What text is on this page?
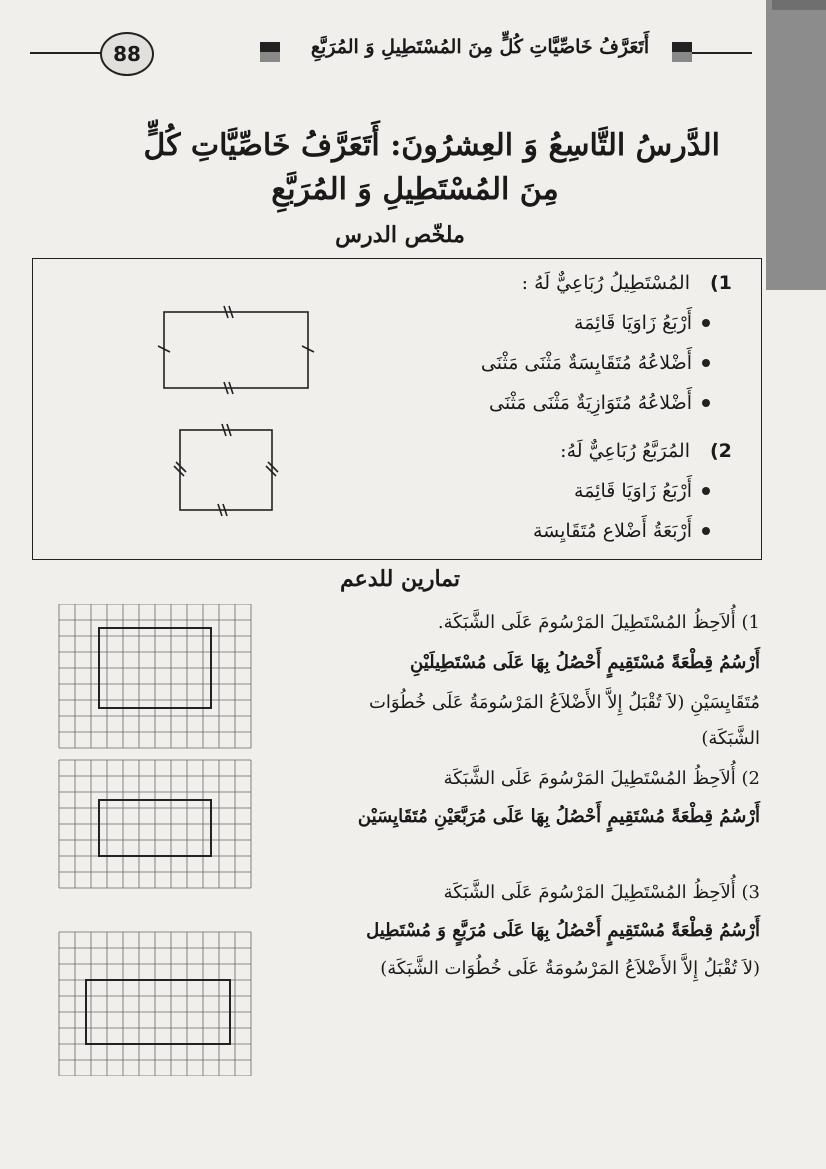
88	أَتَعَرَّفُ خَاصِّيَّاتِ كُلٍّ مِنَ المُسْتَطِيلِ وَ المُرَبَّعِ
الدَّرسُ التَّاسِعُ وَ العِشرُونَ: أَتَعَرَّفُ خَاصِّيَّاتِ كُلٍّ
مِنَ المُسْتَطِيلِ وَ المُرَبَّعِ
ملخّص الدرس
(1
المُسْتَطِيلُ رُبَاعِيٌّ لَهُ :
أَرْبَعُ زَاوَيَا قَائِمَة
أَضْلاعُهُ مُتَقَايِسَةٌ مَثْنَى مَثْنَى
أَضْلاعُهُ مُتَوَازِيَةٌ مَثْنَى مَثْنَى
(2
المُرَبَّعُ رُبَاعِيٌّ لَهُ:
أَرْبَعُ زَاوَيَا قَائِمَة
أَرْبَعَةُ أَضْلاع مُتَقَايِسَة
تمارين للدعم
1) أُلاَحِظُ المُسْتَطِيلَ المَرْسُومَ عَلَى الشَّبَكَة.
أَرْسُمُ قِطْعَةً مُسْتَقِيمٍ أَحْصُلُ بِهَا عَلَى مُسْتَطِيلَيْنِ
مُتَقَايِسَيْنِ (لاَ تُقْبَلُ إِلاَّ الأَضْلاَعُ المَرْسُومَةُ عَلَى خُطُوَات
الشَّبَكَة)
2) أُلاَحِظُ المُسْتَطِيلَ المَرْسُومَ عَلَى الشَّبَكَة
أَرْسُمُ قِطْعَةً مُسْتَقِيمٍ أَحْصُلُ بِهَا عَلَى مُرَبَّعَيْنِ مُتَقَايِسَيْن
3) أُلاَحِظُ المُسْتَطِيلَ المَرْسُومَ عَلَى الشَّبَكَة
أَرْسُمُ قِطْعَةً مُسْتَقِيمٍ أَحْصُلُ بِهَا عَلَى مُرَبَّعٍ وَ مُسْتَطِيل
(لاَ تُقْبَلُ إِلاَّ الأَضْلاَعُ المَرْسُومَةُ عَلَى خُطُوَات الشَّبَكَة)
